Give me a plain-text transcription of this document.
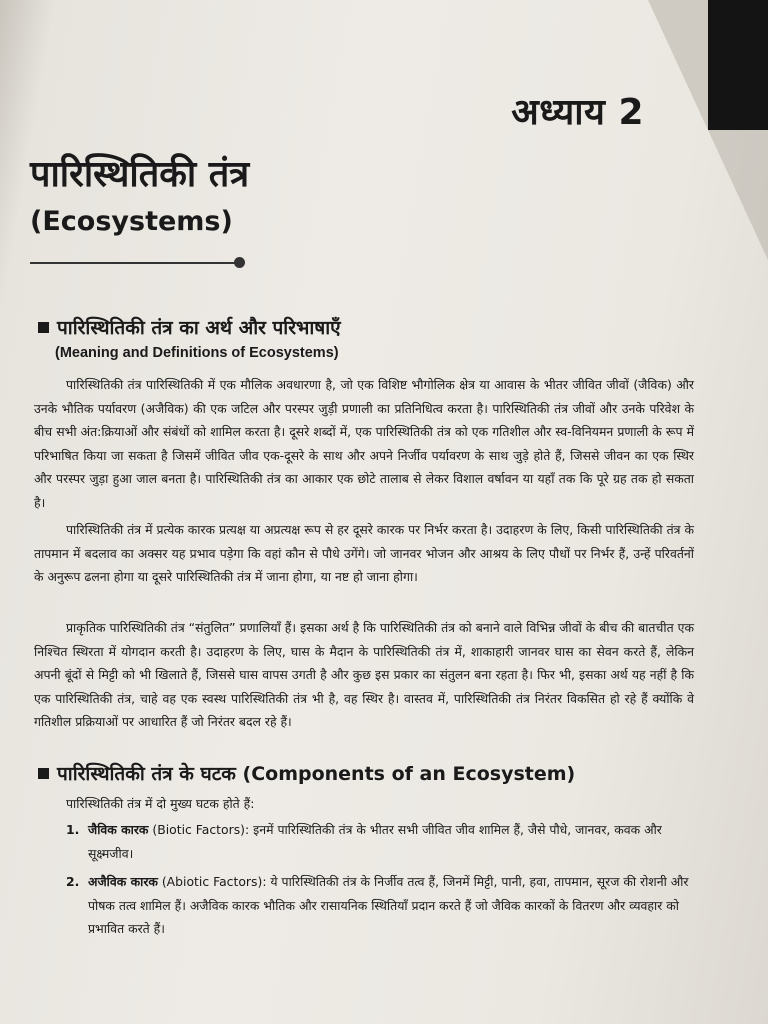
अध्याय 2
पारिस्थितिकी तंत्र
(Ecosystems)
पारिस्थितिकी तंत्र का अर्थ और परिभाषाएँ
(Meaning and Definitions of Ecosystems)
पारिस्थितिकी तंत्र पारिस्थितिकी में एक मौलिक अवधारणा है, जो एक विशिष्ट भौगोलिक क्षेत्र या आवास के भीतर जीवित जीवों (जैविक) और उनके भौतिक पर्यावरण (अजैविक) की एक जटिल और परस्पर जुड़ी प्रणाली का प्रतिनिधित्व करता है। पारिस्थितिकी तंत्र जीवों और उनके परिवेश के बीच सभी अंत:क्रियाओं और संबंधों को शामिल करता है। दूसरे शब्दों में, एक पारिस्थितिकी तंत्र को एक गतिशील और स्व-विनियमन प्रणाली के रूप में परिभाषित किया जा सकता है जिसमें जीवित जीव एक-दूसरे के साथ और अपने निर्जीव पर्यावरण के साथ जुड़े होते हैं, जिससे जीवन का एक स्थिर और परस्पर जुड़ा हुआ जाल बनता है। पारिस्थितिकी तंत्र का आकार एक छोटे तालाब से लेकर विशाल वर्षावन या यहाँ तक कि पूरे ग्रह तक हो सकता है।
पारिस्थितिकी तंत्र में प्रत्येक कारक प्रत्यक्ष या अप्रत्यक्ष रूप से हर दूसरे कारक पर निर्भर करता है। उदाहरण के लिए, किसी पारिस्थितिकी तंत्र के तापमान में बदलाव का अक्सर यह प्रभाव पड़ेगा कि वहां कौन से पौधे उगेंगे। जो जानवर भोजन और आश्रय के लिए पौधों पर निर्भर हैं, उन्हें परिवर्तनों के अनुरूप ढलना होगा या दूसरे पारिस्थितिकी तंत्र में जाना होगा, या नष्ट हो जाना होगा।
प्राकृतिक पारिस्थितिकी तंत्र “संतुलित” प्रणालियाँ हैं। इसका अर्थ है कि पारिस्थितिकी तंत्र को बनाने वाले विभिन्न जीवों के बीच की बातचीत एक निश्चित स्थिरता में योगदान करती है। उदाहरण के लिए, घास के मैदान के पारिस्थितिकी तंत्र में, शाकाहारी जानवर घास का सेवन करते हैं, लेकिन अपनी बूंदों से मिट्टी को भी खिलाते हैं, जिससे घास वापस उगती है और कुछ इस प्रकार का संतुलन बना रहता है। फिर भी, इसका अर्थ यह नहीं है कि एक पारिस्थितिकी तंत्र, चाहे वह एक स्वस्थ पारिस्थितिकी तंत्र भी है, वह स्थिर है। वास्तव में, पारिस्थितिकी तंत्र निरंतर विकसित हो रहे हैं क्योंकि वे गतिशील प्रक्रियाओं पर आधारित हैं जो निरंतर बदल रहे हैं।
पारिस्थितिकी तंत्र के घटक (Components of an Ecosystem)
पारिस्थितिकी तंत्र में दो मुख्य घटक होते हैं:
1. जैविक कारक (Biotic Factors): इनमें पारिस्थितिकी तंत्र के भीतर सभी जीवित जीव शामिल हैं, जैसे पौधे, जानवर, कवक और सूक्ष्मजीव।
2. अजैविक कारक (Abiotic Factors): ये पारिस्थितिकी तंत्र के निर्जीव तत्व हैं, जिनमें मिट्टी, पानी, हवा, तापमान, सूरज की रोशनी और पोषक तत्व शामिल हैं। अजैविक कारक भौतिक और रासायनिक स्थितियाँ प्रदान करते हैं जो जैविक कारकों के वितरण और व्यवहार को प्रभावित करते हैं।
